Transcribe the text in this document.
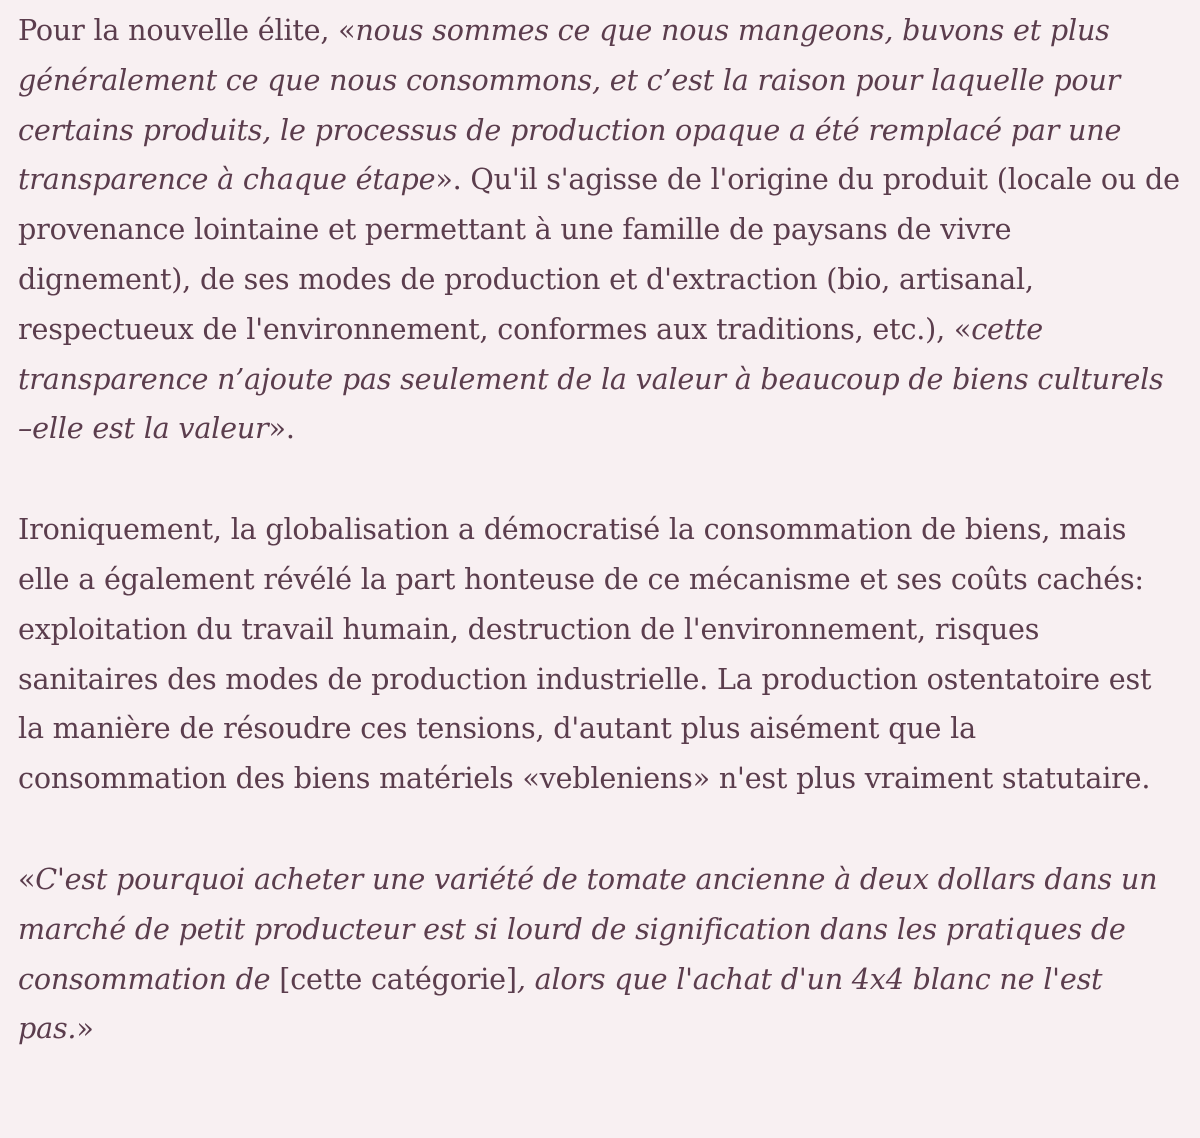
Pour la nouvelle élite, «nous sommes ce que nous mangeons, buvons et plus généralement ce que nous consommons, et c’est la raison pour laquelle pour certains produits, le processus de production opaque a été remplacé par une transparence à chaque étape». Qu'il s'agisse de l'origine du produit (locale ou de provenance lointaine et permettant à une famille de paysans de vivre dignement), de ses modes de production et d'extraction (bio, artisanal, respectueux de l'environnement, conformes aux traditions, etc.), «cette transparence n’ajoute pas seulement de la valeur à beaucoup de biens culturels –elle est la valeur».

Ironiquement, la globalisation a démocratisé la consommation de biens, mais elle a également révélé la part honteuse de ce mécanisme et ses coûts cachés: exploitation du travail humain, destruction de l'environnement, risques sanitaires des modes de production industrielle. La production ostentatoire est la manière de résoudre ces tensions, d'autant plus aisément que la consommation des biens matériels «vebleniens» n'est plus vraiment statutaire.

«C'est pourquoi acheter une variété de tomate ancienne à deux dollars dans un marché de petit producteur est si lourd de signification dans les pratiques de consommation de [cette catégorie], alors que l'achat d'un 4x4 blanc ne l'est pas.»
